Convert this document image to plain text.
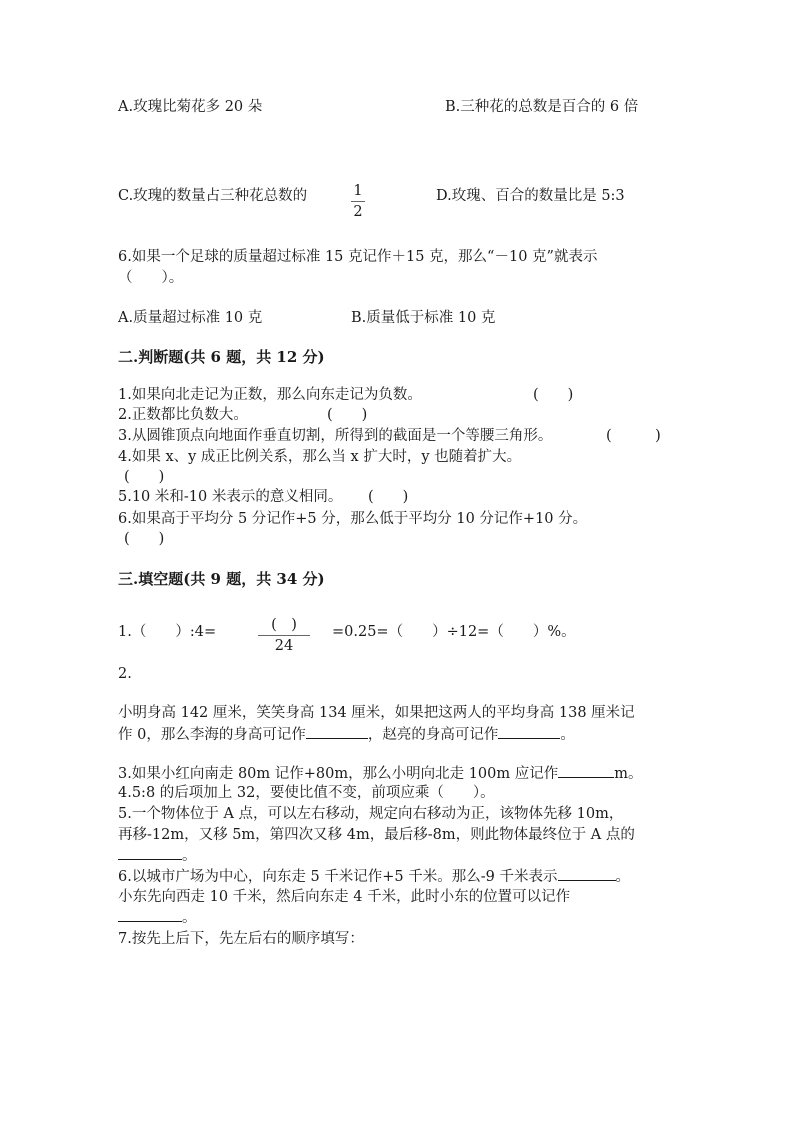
A.玫瑰比菊花多 20 朵	B.三种花的总数是百合的 6 倍
C.玫瑰的数量占三种花总数的	1
2
D.玫瑰、百合的数量比是 5:3
6.如果一个足球的质量超过标准 15 克记作＋15 克，那么“－10 克”就表示
（　　）。
A.质量超过标准 10 克	B.质量低于标准 10 克
二.判断题(共 6 题，共 12 分)
1.如果向北走记为正数，那么向东走记为负数。	(　　)
2.正数都比负数大。	(　　)
3.从圆锥顶点向地面作垂直切割，所得到的截面是一个等腰三角形。	(　　　)
4.如果 x、y 成正比例关系，那么当 x 扩大时，y 也随着扩大。
(　　)
5.10 米和-10 米表示的意义相同。 (　　)
6.如果高于平均分 5 分记作+5 分，那么低于平均分 10 分记作+10 分。
(　　)
三.填空题(共 9 题，共 34 分)
1.（　　）:4=	(　)
24
=0.25=（　　）÷12=（　　）%。
2.
小明身高 142 厘米，笑笑身高 134 厘米，如果把这两人的平均身高 138 厘米记
作 0，那么李海的身高可记作	，赵亮的身高可记作	。
3.如果小红向南走 80m 记作+80m，那么小明向北走 100m 应记作	m。
4.5:8 的后项加上 32，要使比值不变，前项应乘（　　）。
5.一个物体位于 A 点，可以左右移动，规定向右移动为正，该物体先移 10m，
再移-12m，又移 5m，第四次又移 4m，最后移-8m，则此物体最终位于 A 点的
。
6.以城市广场为中心，向东走 5 千米记作+5 千米。那么-9 千米表示	。
小东先向西走 10 千米，然后向东走 4 千米，此时小东的位置可以记作
。
7.按先上后下，先左后右的顺序填写：
